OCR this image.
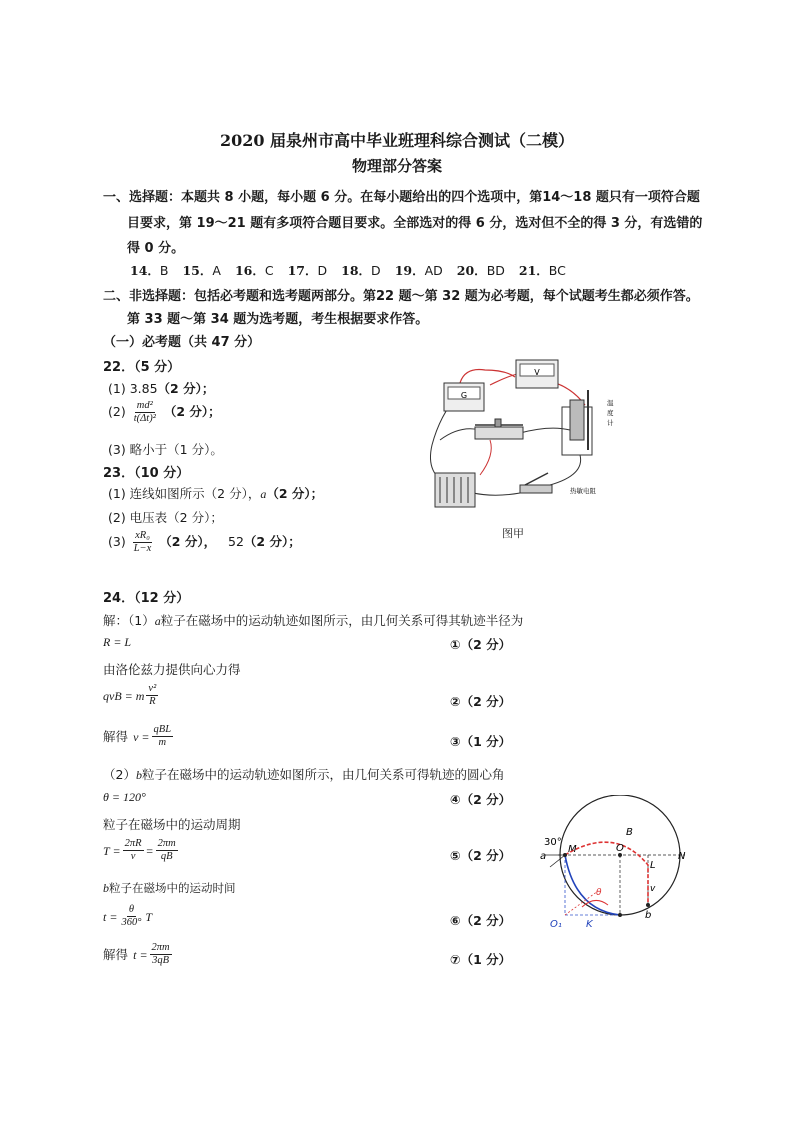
2020 届泉州市高中毕业班理科综合测试（二模）
物理部分答案
一、选择题：本题共 8 小题，每小题 6 分。在每小题给出的四个选项中，第14～18 题只有一项符合题
目要求，第 19～21 题有多项符合题目要求。全部选对的得 6 分，选对但不全的得 3 分，有选错的
得 0 分。
14．B 15．A 16．C 17．D 18．D 19．AD 20．BD 21．BC
二、非选择题：包括必考题和选考题两部分。第22 题～第 32 题为必考题，每个试题考生都必须作答。
第 33 题～第 34 题为选考题，考生根据要求作答。
（一）必考题（共 47 分）
22．（5 分）
(1) 3.85（2 分）；
$(2) \frac{\text{md²}}{\text{t(Δt)²}} (2$ 分）；
(3) 略小于（1 分）。
23．（10 分）
(1) 连线如图所示（2 分），a（2 分）；
(2) 电压表（2 分）；
$(3) \frac{\text{xR₀}}{L-x} (2$ 分）， 52（2 分）；
G
V
温
度
计
热敏电阻
图甲
24．（12 分）
解：（1）a粒子在磁场中的运动轨迹如图所示，由几何关系可得其轨迹半径为
R = L	①（2 分）
由洛伦兹力提供向心力得
qvB = m $\frac{\text{v²}}{R}$	②（2 分）
解得 $v = \frac{\text{qBL}}{m}$	③（1 分）
（2）b粒子在磁场中的运动轨迹如图所示，由几何关系可得轨迹的圆心角
θ = 120°	④（2 分）
粒子在磁场中的运动周期
$T = \frac{2\pi R}{v} = \frac{2\pi m}{qB}$	⑤（2 分）
b粒子在磁场中的运动时间
$t = \frac{\theta}{360^\circ}$ T	⑥（2 分）
解得 $t = \frac{2\pi m}{3qB}$	⑦（1 分）
30°
B
O
M
N
L
a
b
v
θ
O₁ K
